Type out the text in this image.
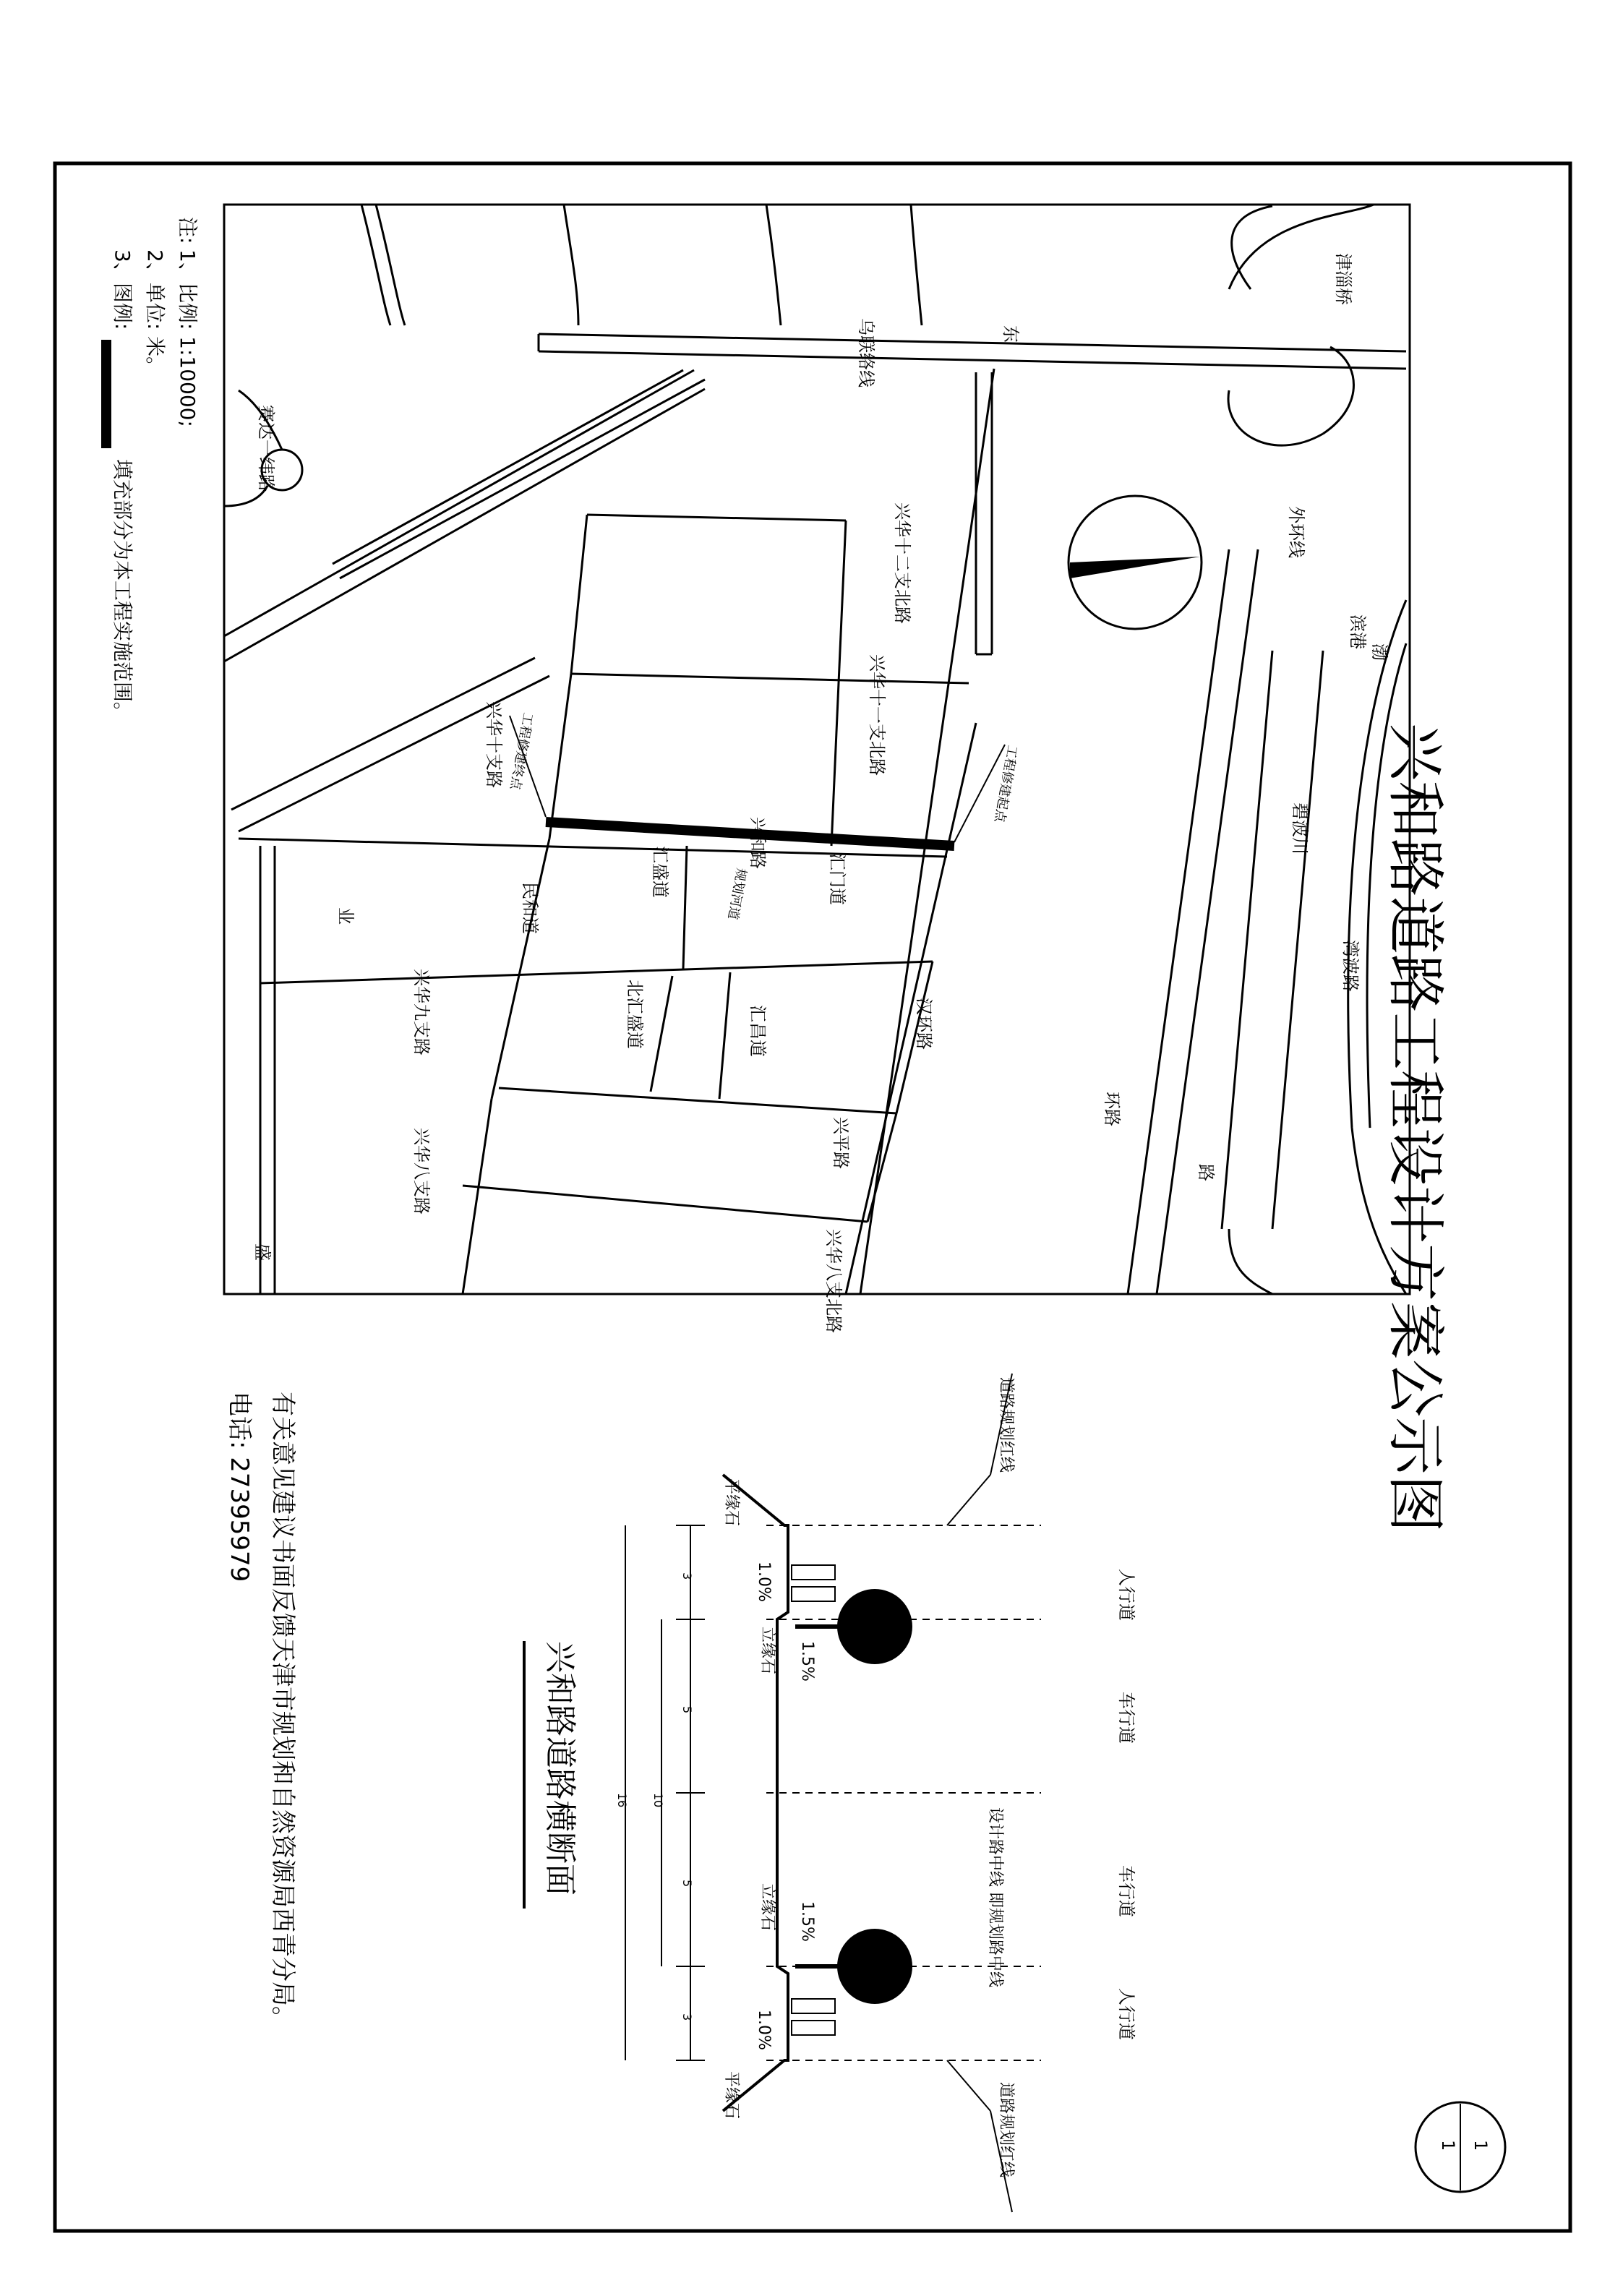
兴和路
汇门道
汇盛道
汇昌道
北汇盛道
民和道
兴华九支路
兴华八支路
兴华八支北路
兴华十二支北路
兴华十一支北路
兴华十支路
兴平路
汉环路
外环线
津淄桥
碧波川
湾波路
滨港
赛达一纬路
乌联络线	东
业
环路
渤
盛
路
工程修建起点
工程修建终点
规划河道	兴和路道路工程设计方案公示图
1
1
注:
1、比例: 1:10000;
2、单位: 米。
3、图例:
填充部分为本工程实施范围。
有关意见建议书面反馈天津市规划和自然资源局西青分局。
电话: 27395979
人行道
车行道
车行道
人行道
道路规划红线
道路规划红线
平缘石
平缘石
立缘石
立缘石	设计路中线 即规划路中线
1.0%
1.5%
1.5%
1.0%
3
5
5
3
10
16
兴和路道路横断面
